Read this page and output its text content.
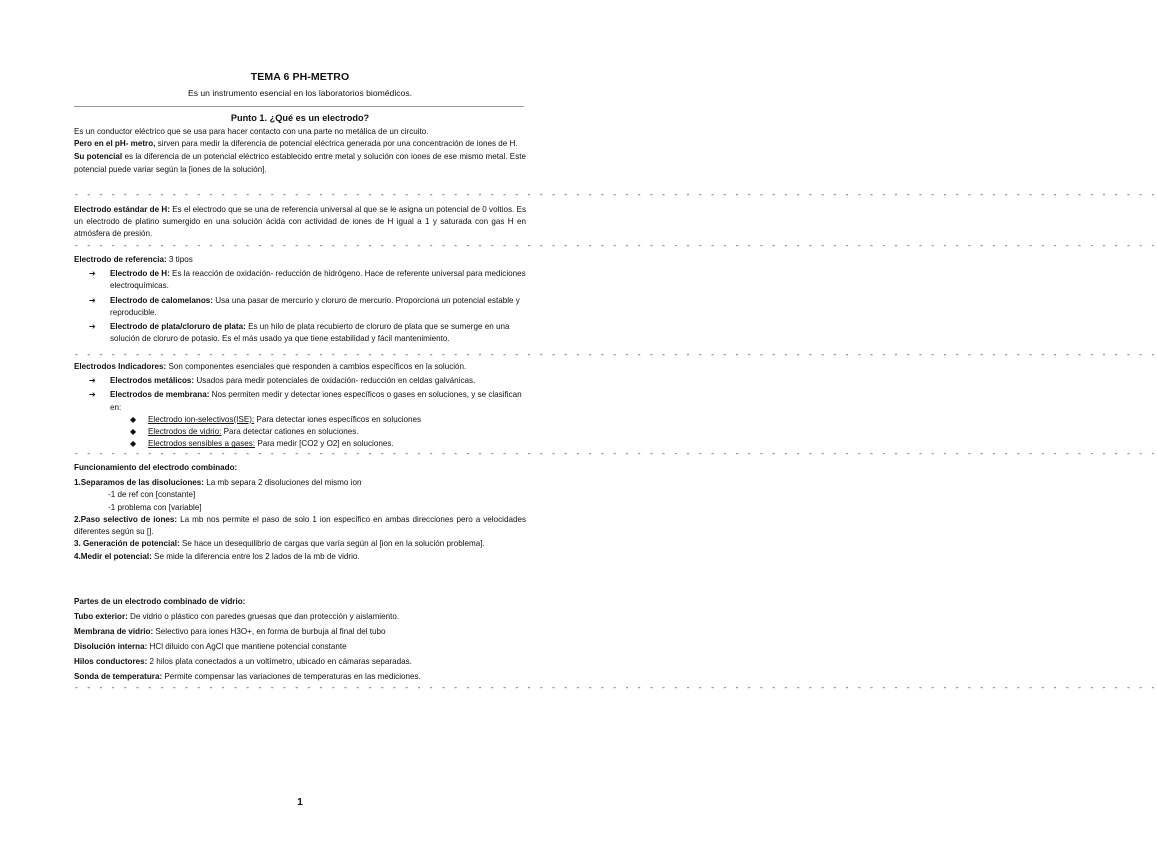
TEMA 6 PH-METRO
Es un instrumento esencial en los laboratorios biomédicos.
Punto 1. ¿Qué es un electrodo?

Es un conductor eléctrico que se usa para hacer contacto con una parte no metálica de un circuito.

Pero en el pH- metro, sirven para medir la diferencia de potencial eléctrica generada por una concentración de iones de H.

Su potencial es la diferencia de un potencial eléctrico establecido entre metal y solución con iones de ese mismo metal. Este potencial puede variar según la [iones de la solución].

- - - - - - - - - - - - - - - - - - - - - - - - - - - - - - - - - - - - - - - - - - - - - - - - - - - - - - - - - - - - - - - - - - - - - - - - - - - - - - - - - - - - - - - - -
Electrodo estándar de H: Es el electrodo que se una de referencia universal al que se le asigna un potencial de 0 voltios. Es un electrodo de platino sumergido en una solución ácida con actividad de iones de H igual a 1 y saturada con gas H en atmósfera de presión.
- - - - - - - - - - - - - - - - - - - - - - - - - - - - - - - - - - - - - - - - - - - - - - - - - - - - - - - - - - - - - - - - - - - - - - - - - - - - - - - - - - - - - - - - -

Electrodo de referencia: 3 tipos

➔ Electrodo de H: Es la reacción de oxidación- reducción de hidrógeno. Hace de referente universal para mediciones electroquímicas.

➔ Electrodo de calomelanos: Usa una pasar de mercurio y cloruro de mercurio. Proporciona un potencial estable y reproducible.

➔ Electrodo de plata/cloruro de plata: Es un hilo de plata recubierto de cloruro de plata que se sumerge en una solución de cloruro de potasio. Es el más usado ya que tiene estabilidad y fácil mantenimiento.

- - - - - - - - - - - - - - - - - - - - - - - - - - - - - - - - - - - - - - - - - - - - - - - - - - - - - - - - - - - - - - - - - - - - - - - - - - - - - - - - - - - - - - - - -

Electrodos Indicadores: Son componentes esenciales que responden a cambios específicos en la solución.

➔ Electrodos metálicos: Usados para medir potenciales de oxidación- reducción en celdas galvánicas.

➔ Electrodos de membrana: Nos permiten medir y detectar iones específicos o gases en soluciones, y se clasifican en:

◆ Electrodo ion-selectivos(ISE): Para detectar iones específicos en soluciones

◆ Electrodos de vidrio: Para detectar cationes en soluciones.

◆ Electrodos sensibles a gases: Para medir [CO2 y O2] en soluciones.

- - - - - - - - - - - - - - - - - - - - - - - - - - - - - - - - - - - - - - - - - - - - - - - - - - - - - - - - - - - - - - - - - - - - - - - - - - - - - - - - - - - - - - - - -

Funcionamiento del electrodo combinado:

1.Separamos de las disoluciones: La mb separa 2 disoluciones del mismo ion

-1 de ref con [constante]

-1 problema con [variable]

2.Paso selectivo de iones: La mb nos permite el paso de solo 1 ion específico en ambas direcciones pero a velocidades diferentes según su [].

3. Generación de potencial: Se hace un desequilibrio de cargas que varía según al [ion en la solución problema].

4.Medir el potencial: Se mide la diferencia entre los 2 lados de la mb de vidrio.

Partes de un electrodo combinado de vidrio:

Tubo exterior: De vidrio o plástico con paredes gruesas que dan protección y aislamiento.

Membrana de vidrio: Selectivo para iones H3O+, en forma de burbuja al final del tubo

Disolución interna: HCl diluido con AgCl que mantiene potencial constante

Hilos conductores: 2 hilos plata conectados a un voltímetro, ubicado en cámaras separadas.

Sonda de temperatura: Permite compensar las variaciones de temperaturas en las mediciones.

- - - - - - - - - - - - - - - - - - - - - - - - - - - - - - - - - - - - - - - - - - - - - - - - - - - - - - - - - - - - - - - - - - - - - - - - - - - - - - - - - - - - - - - - -
1
